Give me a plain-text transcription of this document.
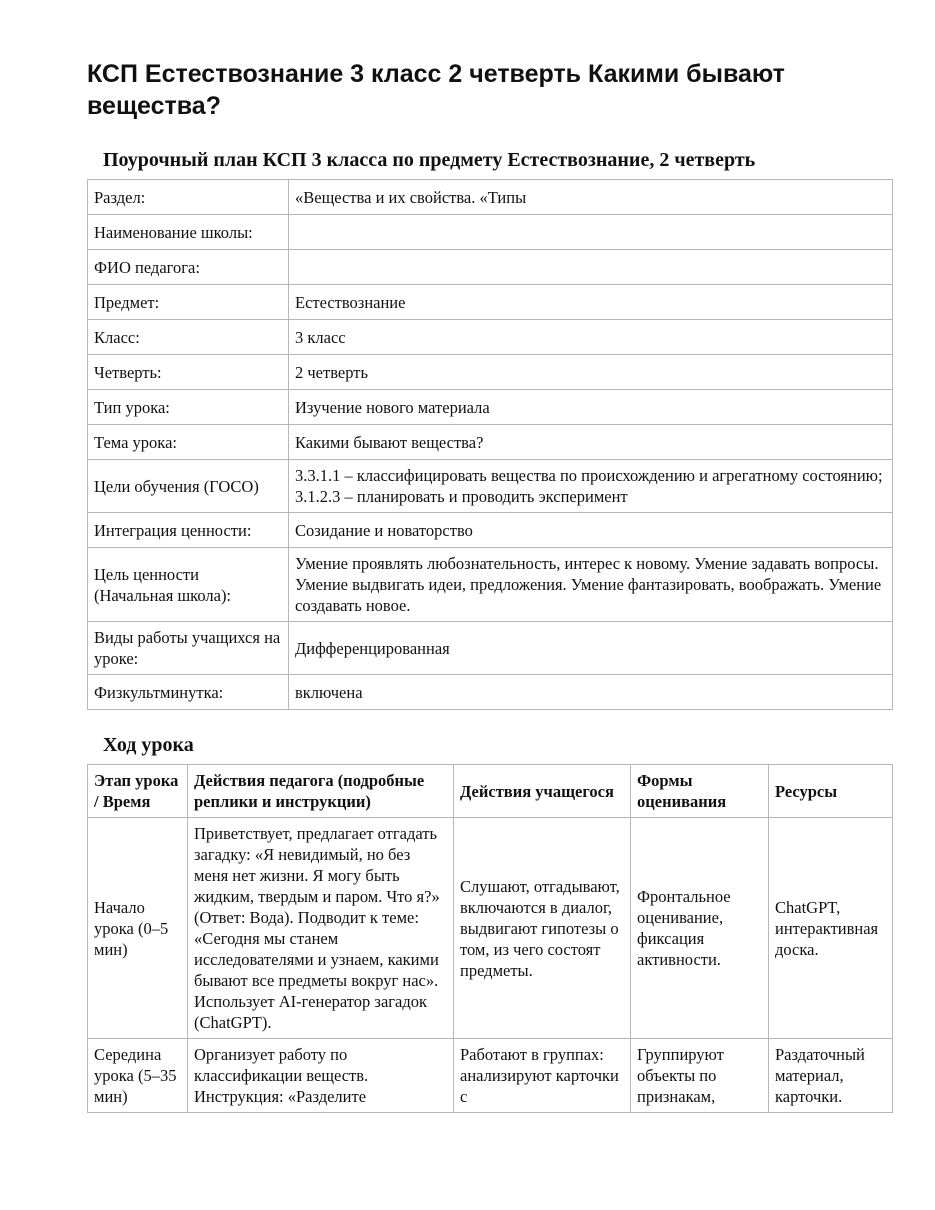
КСП Естествознание 3 класс 2 четверть Какими бывают вещества?
Поурочный план КСП 3 класса по предмету Естествознание, 2 четверть
Раздел:	«Вещества и их свойства. «Типы
Наименование школы:	
ФИО педагога:	
Предмет:	Естествознание
Класс:	3 класс
Четверть:	2 четверть
Тип урока:	Изучение нового материала
Тема урока:	Какими бывают вещества?
Цели обучения (ГОСО)	3.3.1.1 – классифицировать вещества по происхождению и агрегатному состоянию; 3.1.2.3 – планировать и проводить эксперимент
Интеграция ценности:	Созидание и новаторство
Цель ценности (Начальная школа):	Умение проявлять любознательность, интерес к новому. Умение задавать вопросы. Умение выдвигать идеи, предложения. Умение фантазировать, воображать. Умение создавать новое.
Виды работы учащихся на уроке:	Дифференцированная
Физкультминутка:	включена
Ход урока
Этап урока / Время	Действия педагога (подробные реплики и инструкции)	Действия учащегося	Формы оценивания	Ресурсы
Начало урока (0–5 мин)	Приветствует, предлагает отгадать загадку: «Я невидимый, но без меня нет жизни. Я могу быть жидким, твердым и паром. Что я?» (Ответ: Вода). Подводит к теме: «Сегодня мы станем исследователями и узнаем, какими бывают все предметы вокруг нас». Использует AI-генератор загадок (ChatGPT).	Слушают, отгадывают, включаются в диалог, выдвигают гипотезы о том, из чего состоят предметы.	Фронтальное оценивание, фиксация активности.	ChatGPT, интерактивная доска.
Середина урока (5–35 мин)	Организует работу по классификации веществ. Инструкция: «Разделите	Работают в группах: анализируют карточки с	Группируют объекты по признакам,	Раздаточный материал, карточки.
